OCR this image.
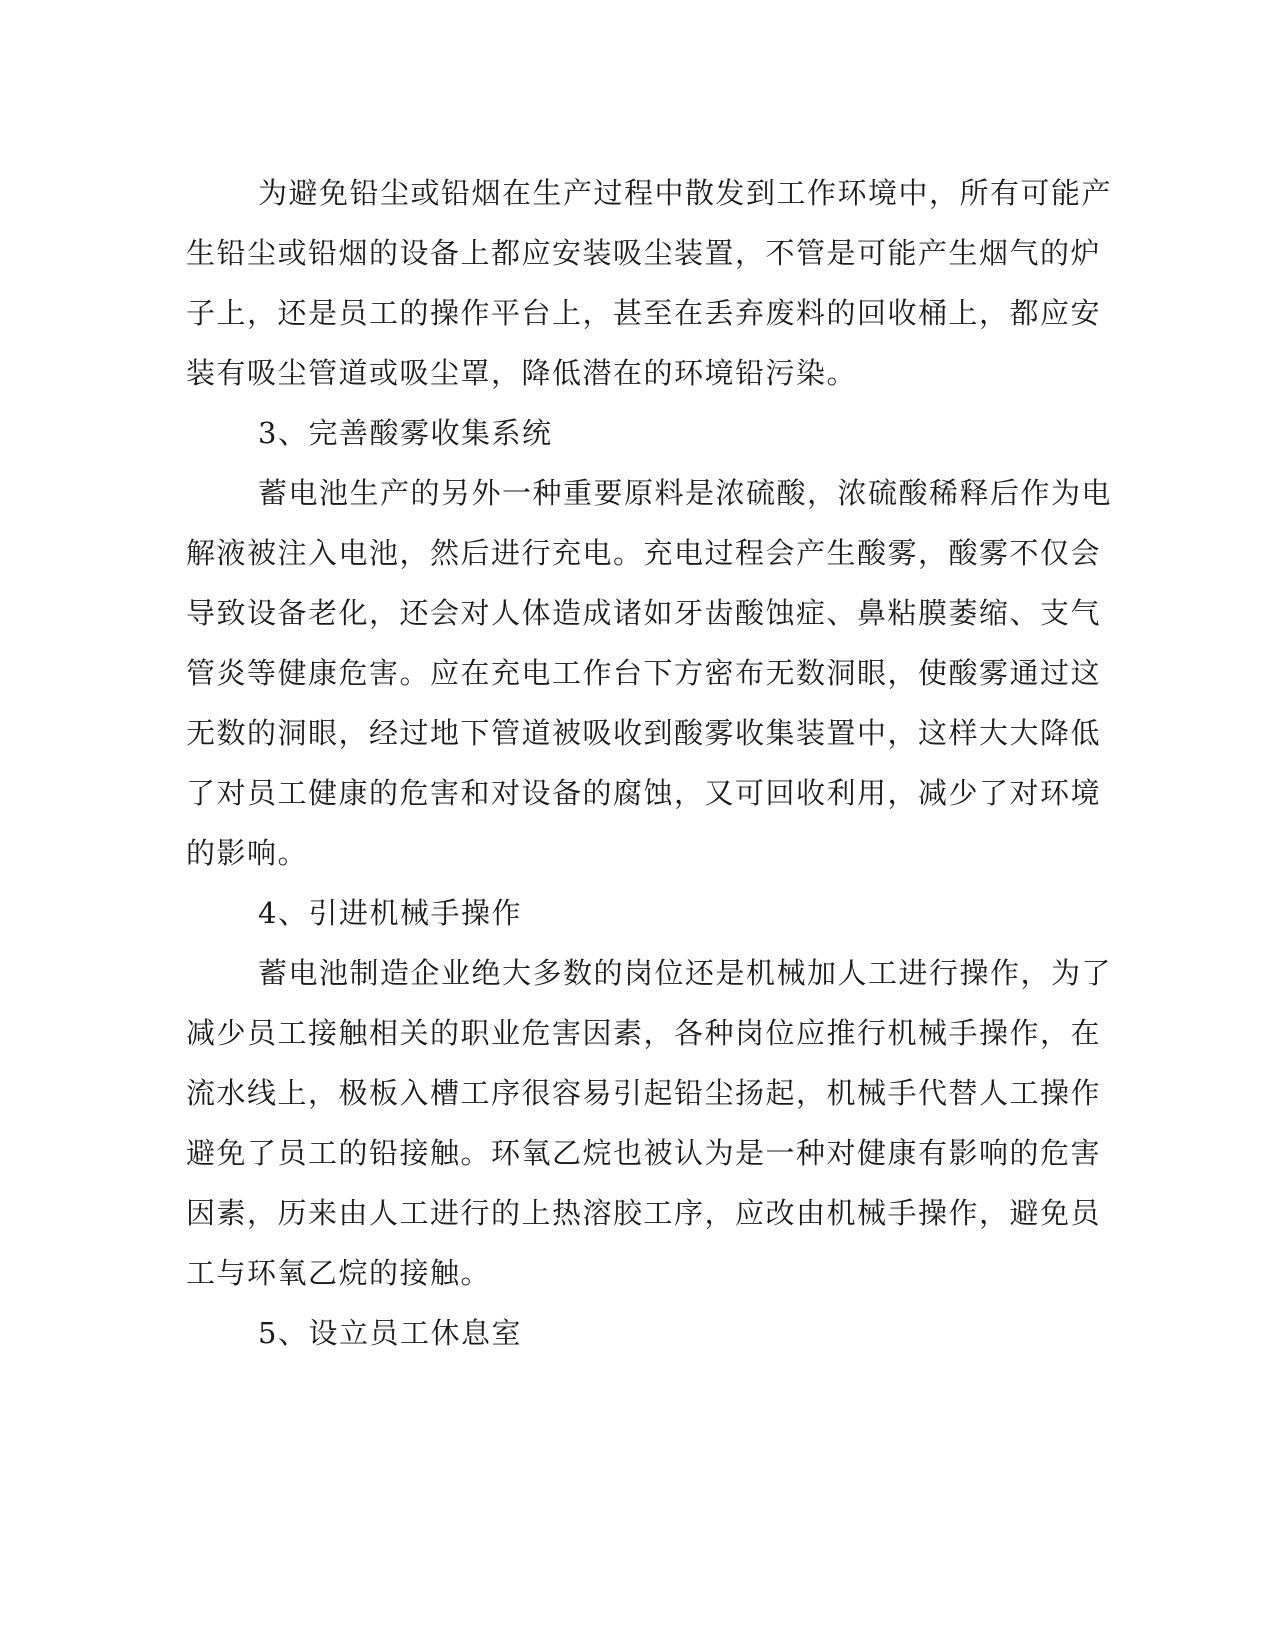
为避免铅尘或铅烟在生产过程中散发到工作环境中，所有可能产
生铅尘或铅烟的设备上都应安装吸尘装置，不管是可能产生烟气的炉
子上，还是员工的操作平台上，甚至在丢弃废料的回收桶上，都应安
装有吸尘管道或吸尘罩，降低潜在的环境铅污染。
3、完善酸雾收集系统
蓄电池生产的另外一种重要原料是浓硫酸，浓硫酸稀释后作为电
解液被注入电池，然后进行充电。充电过程会产生酸雾，酸雾不仅会
导致设备老化，还会对人体造成诸如牙齿酸蚀症、鼻粘膜萎缩、支气
管炎等健康危害。应在充电工作台下方密布无数洞眼，使酸雾通过这
无数的洞眼，经过地下管道被吸收到酸雾收集装置中，这样大大降低
了对员工健康的危害和对设备的腐蚀，又可回收利用，减少了对环境
的影响。
4、引进机械手操作
蓄电池制造企业绝大多数的岗位还是机械加人工进行操作，为了
减少员工接触相关的职业危害因素，各种岗位应推行机械手操作，在
流水线上，极板入槽工序很容易引起铅尘扬起，机械手代替人工操作
避免了员工的铅接触。环氧乙烷也被认为是一种对健康有影响的危害
因素，历来由人工进行的上热溶胶工序，应改由机械手操作，避免员
工与环氧乙烷的接触。
5、设立员工休息室
